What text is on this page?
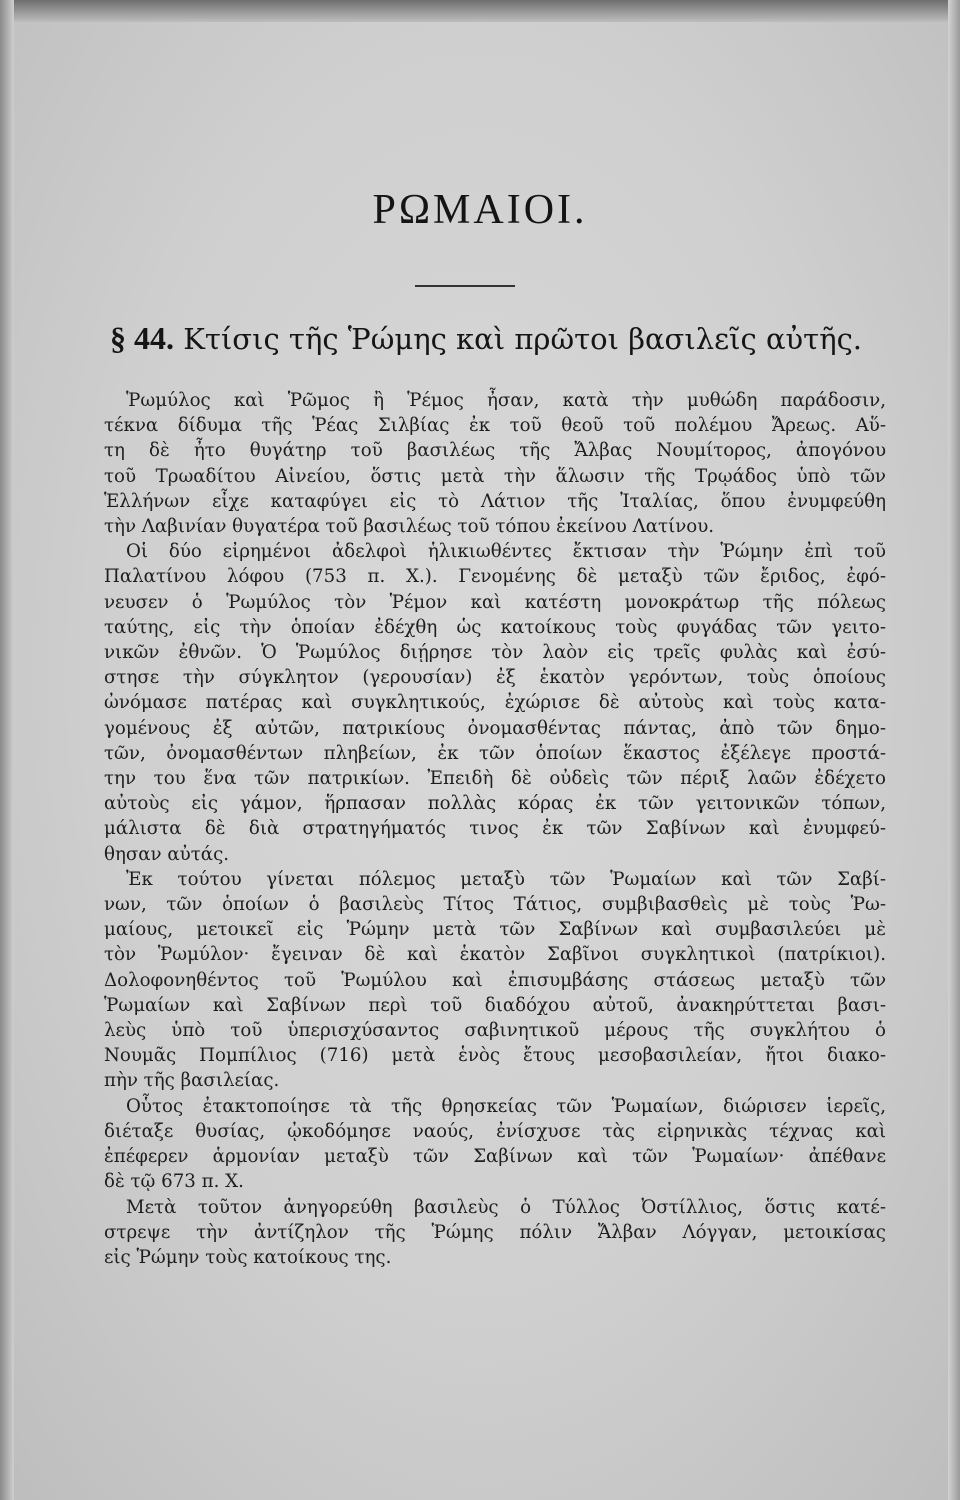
ΡΩΜΑΙΟΙ.
§ 44. Κτίσις τῆς Ῥώμης καὶ πρῶτοι βασιλεῖς αὐτῆς.
Ῥωμύλος καὶ Ῥῶμος ἢ Ῥέμος ἦσαν, κατὰ τὴν μυθώδη παράδοσιν,
τέκνα δίδυμα τῆς Ῥέας Σιλβίας ἐκ τοῦ θεοῦ τοῦ πολέμου Ἄρεως. Αὕ-
τη δὲ ἦτο θυγάτηρ τοῦ βασιλέως τῆς Ἄλβας Νουμίτορος, ἀπογόνου
τοῦ Τρωαδίτου Αἰνείου, ὅστις μετὰ τὴν ἅλωσιν τῆς Τρῳάδος ὑπὸ τῶν
Ἑλλήνων εἶχε καταφύγει εἰς τὸ Λάτιον τῆς Ἰταλίας, ὅπου ἐνυμφεύθη
τὴν Λαβινίαν θυγατέρα τοῦ βασιλέως τοῦ τόπου ἐκείνου Λατίνου.
Οἱ δύο εἰρημένοι ἀδελφοὶ ἡλικιωθέντες ἔκτισαν τὴν Ῥώμην ἐπὶ τοῦ
Παλατίνου λόφου (753 π. Χ.). Γενομένης δὲ μεταξὺ τῶν ἔριδος, ἐφό-
νευσεν ὁ Ῥωμύλος τὸν Ῥέμον καὶ κατέστη μονοκράτωρ τῆς πόλεως
ταύτης, εἰς τὴν ὁποίαν ἐδέχθη ὡς κατοίκους τοὺς φυγάδας τῶν γειτο-
νικῶν ἐθνῶν. Ὁ Ῥωμύλος διῄρησε τὸν λαὸν εἰς τρεῖς φυλὰς καὶ ἐσύ-
στησε τὴν σύγκλητον (γερουσίαν) ἐξ ἑκατὸν γερόντων, τοὺς ὁποίους
ὠνόμασε πατέρας καὶ συγκλητικούς, ἐχώρισε δὲ αὐτοὺς καὶ τοὺς κατα-
γομένους ἐξ αὐτῶν, πατρικίους ὀνομασθέντας πάντας, ἀπὸ τῶν δημο-
τῶν, ὀνομασθέντων πληβείων, ἐκ τῶν ὁποίων ἕκαστος ἐξέλεγε προστά-
την του ἕνα τῶν πατρικίων. Ἐπειδὴ δὲ οὐδεὶς τῶν πέριξ λαῶν ἐδέχετο
αὐτοὺς εἰς γάμον, ἥρπασαν πολλὰς κόρας ἐκ τῶν γειτονικῶν τόπων,
μάλιστα δὲ διὰ στρατηγήματός τινος ἐκ τῶν Σαβίνων καὶ ἐνυμφεύ-
θησαν αὐτάς.
Ἐκ τούτου γίνεται πόλεμος μεταξὺ τῶν Ῥωμαίων καὶ τῶν Σαβί-
νων, τῶν ὁποίων ὁ βασιλεὺς Τίτος Τάτιος, συμβιβασθεὶς μὲ τοὺς Ῥω-
μαίους, μετοικεῖ εἰς Ῥώμην μετὰ τῶν Σαβίνων καὶ συμβασιλεύει μὲ
τὸν Ῥωμύλον· ἔγειναν δὲ καὶ ἑκατὸν Σαβῖνοι συγκλητικοὶ (πατρίκιοι).
Δολοφονηθέντος τοῦ Ῥωμύλου καὶ ἐπισυμβάσης στάσεως μεταξὺ τῶν
Ῥωμαίων καὶ Σαβίνων περὶ τοῦ διαδόχου αὐτοῦ, ἀνακηρύττεται βασι-
λεὺς ὑπὸ τοῦ ὑπερισχύσαντος σαβινητικοῦ μέρους τῆς συγκλήτου ὁ
Νουμᾶς Πομπίλιος (716) μετὰ ἑνὸς ἔτους μεσοβασιλείαν, ἤτοι διακο-
πὴν τῆς βασιλείας.
Οὗτος ἐτακτοποίησε τὰ τῆς θρησκείας τῶν Ῥωμαίων, διώρισεν ἱερεῖς,
διέταξε θυσίας, ᾠκοδόμησε ναούς, ἐνίσχυσε τὰς εἰρηνικὰς τέχνας καὶ
ἐπέφερεν ἁρμονίαν μεταξὺ τῶν Σαβίνων καὶ τῶν Ῥωμαίων· ἀπέθανε
δὲ τῷ 673 π. Χ.
Μετὰ τοῦτον ἀνηγορεύθη βασιλεὺς ὁ Τύλλος Ὀστίλλιος, ὅστις κατέ-
στρεψε τὴν ἀντίζηλον τῆς Ῥώμης πόλιν Ἄλβαν Λόγγαν, μετοικίσας
εἰς Ῥώμην τοὺς κατοίκους της.
